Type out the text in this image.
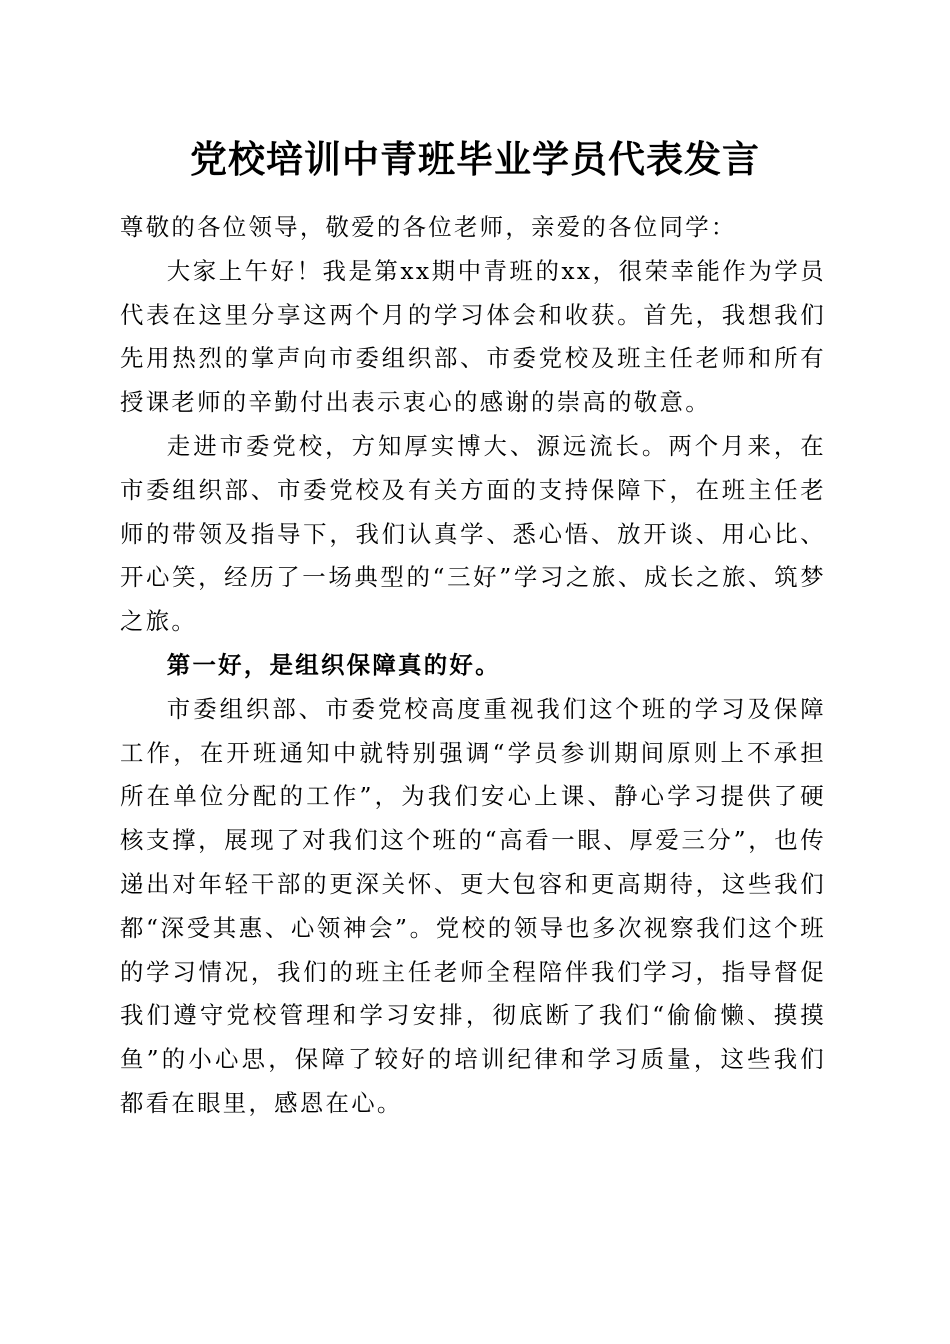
党校培训中青班毕业学员代表发言

尊敬的各位领导，敬爱的各位老师，亲爱的各位同学：

大家上午好！我是第xx期中青班的xx，很荣幸能作为学员代表在这里分享这两个月的学习体会和收获。首先，我想我们先用热烈的掌声向市委组织部、市委党校及班主任老师和所有授课老师的辛勤付出表示衷心的感谢的崇高的敬意。

走进市委党校，方知厚实博大、源远流长。两个月来，在市委组织部、市委党校及有关方面的支持保障下，在班主任老师的带领及指导下，我们认真学、悉心悟、放开谈、用心比、开心笑，经历了一场典型的“三好”学习之旅、成长之旅、筑梦之旅。

第一好，是组织保障真的好。

市委组织部、市委党校高度重视我们这个班的学习及保障工作，在开班通知中就特别强调“学员参训期间原则上不承担所在单位分配的工作”，为我们安心上课、静心学习提供了硬核支撑，展现了对我们这个班的“高看一眼、厚爱三分”，也传递出对年轻干部的更深关怀、更大包容和更高期待，这些我们都“深受其惠、心领神会”。党校的领导也多次视察我们这个班的学习情况，我们的班主任老师全程陪伴我们学习，指导督促我们遵守党校管理和学习安排，彻底断了我们“偷偷懒、摸摸鱼”的小心思，保障了较好的培训纪律和学习质量，这些我们都看在眼里，感恩在心。
